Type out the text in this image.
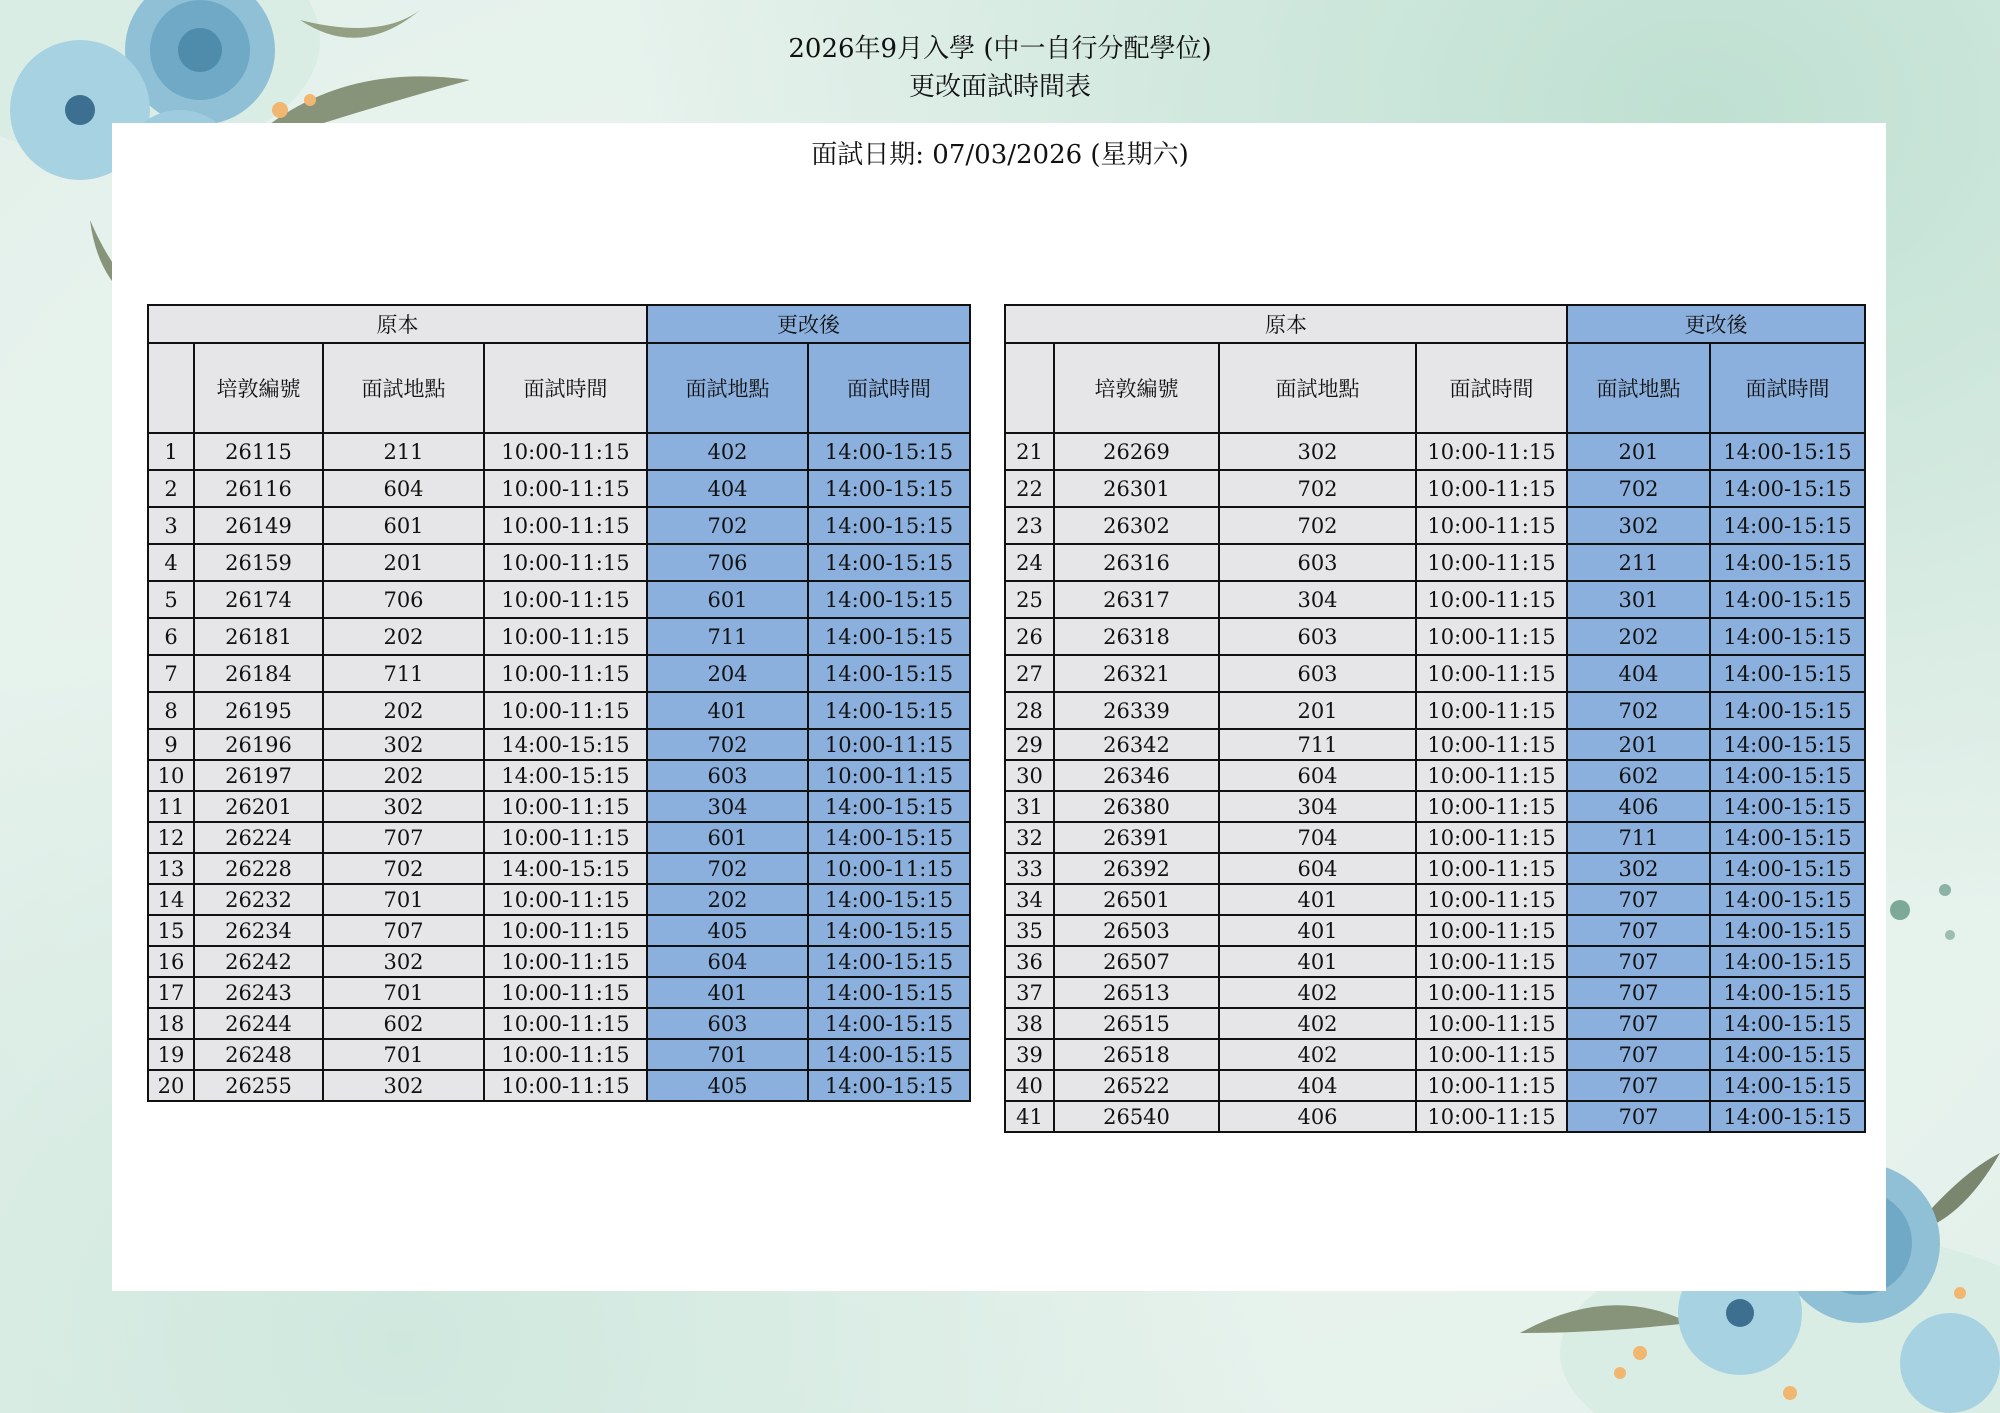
2026年9月入學 (中一自行分配學位)
更改面試時間表
面試日期: 07/03/2026 (星期六)
原本				更改後	
	培敦編號	面試地點	面試時間	面試地點	面試時間
1	26115	211	10:00-11:15	402	14:00-15:15
2	26116	604	10:00-11:15	404	14:00-15:15
3	26149	601	10:00-11:15	702	14:00-15:15
4	26159	201	10:00-11:15	706	14:00-15:15
5	26174	706	10:00-11:15	601	14:00-15:15
6	26181	202	10:00-11:15	711	14:00-15:15
7	26184	711	10:00-11:15	204	14:00-15:15
8	26195	202	10:00-11:15	401	14:00-15:15
9	26196	302	14:00-15:15	702	10:00-11:15
10	26197	202	14:00-15:15	603	10:00-11:15
11	26201	302	10:00-11:15	304	14:00-15:15
12	26224	707	10:00-11:15	601	14:00-15:15
13	26228	702	14:00-15:15	702	10:00-11:15
14	26232	701	10:00-11:15	202	14:00-15:15
15	26234	707	10:00-11:15	405	14:00-15:15
16	26242	302	10:00-11:15	604	14:00-15:15
17	26243	701	10:00-11:15	401	14:00-15:15
18	26244	602	10:00-11:15	603	14:00-15:15
19	26248	701	10:00-11:15	701	14:00-15:15
20	26255	302	10:00-11:15	405	14:00-15:15
原本				更改後	
	培敦編號	面試地點	面試時間	面試地點	面試時間
21	26269	302	10:00-11:15	201	14:00-15:15
22	26301	702	10:00-11:15	702	14:00-15:15
23	26302	702	10:00-11:15	302	14:00-15:15
24	26316	603	10:00-11:15	211	14:00-15:15
25	26317	304	10:00-11:15	301	14:00-15:15
26	26318	603	10:00-11:15	202	14:00-15:15
27	26321	603	10:00-11:15	404	14:00-15:15
28	26339	201	10:00-11:15	702	14:00-15:15
29	26342	711	10:00-11:15	201	14:00-15:15
30	26346	604	10:00-11:15	602	14:00-15:15
31	26380	304	10:00-11:15	406	14:00-15:15
32	26391	704	10:00-11:15	711	14:00-15:15
33	26392	604	10:00-11:15	302	14:00-15:15
34	26501	401	10:00-11:15	707	14:00-15:15
35	26503	401	10:00-11:15	707	14:00-15:15
36	26507	401	10:00-11:15	707	14:00-15:15
37	26513	402	10:00-11:15	707	14:00-15:15
38	26515	402	10:00-11:15	707	14:00-15:15
39	26518	402	10:00-11:15	707	14:00-15:15
40	26522	404	10:00-11:15	707	14:00-15:15
41	26540	406	10:00-11:15	707	14:00-15:15
